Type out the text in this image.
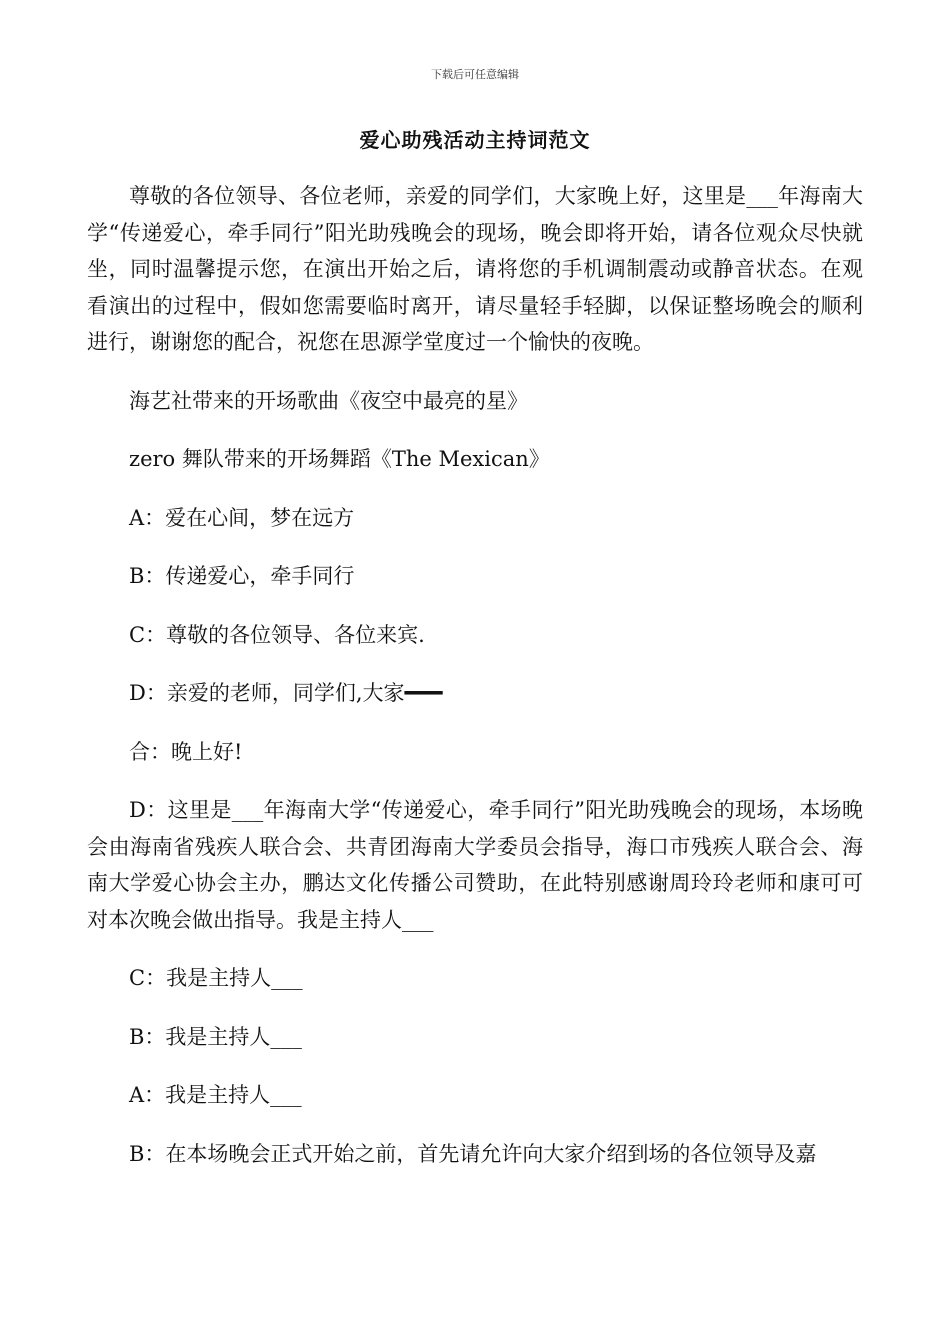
下载后可任意编辑
爱心助残活动主持词范文

尊敬的各位领导、各位老师，亲爱的同学们，大家晚上好，这里是___年海南大学“传递爱心，牵手同行”阳光助残晚会的现场，晚会即将开始，请各位观众尽快就坐，同时温馨提示您，在演出开始之后，请将您的手机调制震动或静音状态。在观看演出的过程中，假如您需要临时离开，请尽量轻手轻脚，以保证整场晚会的顺利进行，谢谢您的配合，祝您在思源学堂度过一个愉快的夜晚。

海艺社带来的开场歌曲《夜空中最亮的星》

zero 舞队带来的开场舞蹈《The Mexican》

A：爱在心间，梦在远方

B：传递爱心，牵手同行

C：尊敬的各位领导、各位来宾.

D：亲爱的老师，同学们,大家━━━

合：晚上好!

D：这里是___年海南大学“传递爱心，牵手同行”阳光助残晚会的现场，本场晚会由海南省残疾人联合会、共青团海南大学委员会指导，海口市残疾人联合会、海南大学爱心协会主办，鹏达文化传播公司赞助，在此特别感谢周玲玲老师和康可可对本次晚会做出指导。我是主持人___

C：我是主持人___

B：我是主持人___

A：我是主持人___

B：在本场晚会正式开始之前，首先请允许向大家介绍到场的各位领导及嘉
